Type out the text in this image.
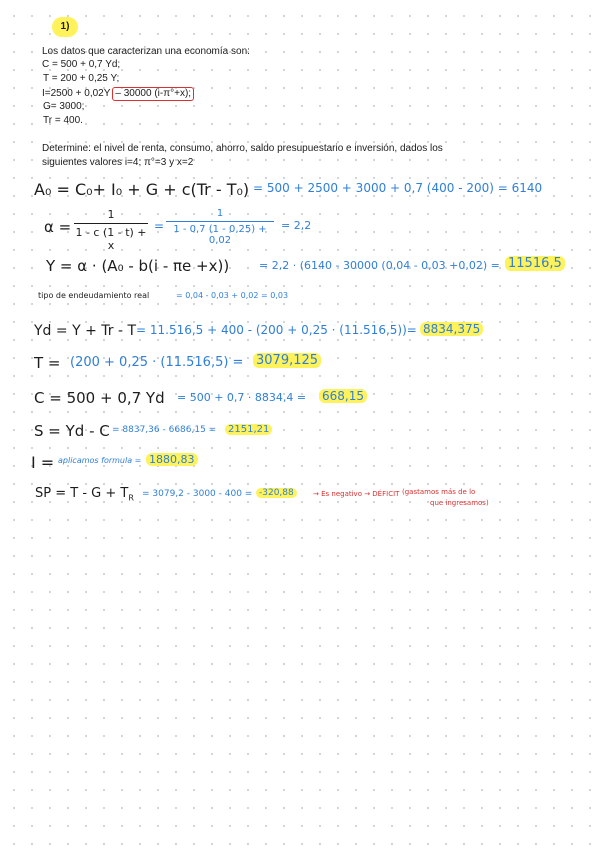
1)
Los datos que caracterizan una economía son:
C = 500 + 0,7 Yd;
T = 200 + 0,25 Y;
I=2500 + 0,02Y – 30000 (i-π°+x);
G= 3000;
Tr = 400.
Determine: el nivel de renta, consumo, ahorro, saldo presupuestario e inversión, dados los
siguientes valores i=4; π°=3 y x=2
A₀ = C₀+ I₀ + G + c(Tr - T₀) = 500 + 2500 + 3000 + 0,7 (400 - 200) = 6140
α =
1
1 - c (1 - t) + x
=
1
1 - 0,7 (1 - 0,25) + 0,02
= 2,2
Y = α · (A₀ - b(i - πe +x))	= 2,2 · (6140 - 30000 (0,04 - 0,03 +0,02) = 11516,5
tipo de endeudamiento real	= 0,04 - 0,03 + 0,02 = 0,03
Yd = Y + Tr - T = 11.516,5 + 400 - (200 + 0,25 · (11.516,5))= 8834,375
T = (200 + 0,25 · (11.516,5) = 3079,125
C = 500 + 0,7 Yd = 500 + 0,7 · 8834,4 = 668,15
S = Yd - C = 8837,36 - 6686,15 =	2151,21
I = aplicamos formula = 1880,83
SP = $T - G + T_R = 3079,2 - 3000 - 400 = -320,88$	→ Es negativo → DÉFICIT (gastamos más de lo
que ingresamos)
